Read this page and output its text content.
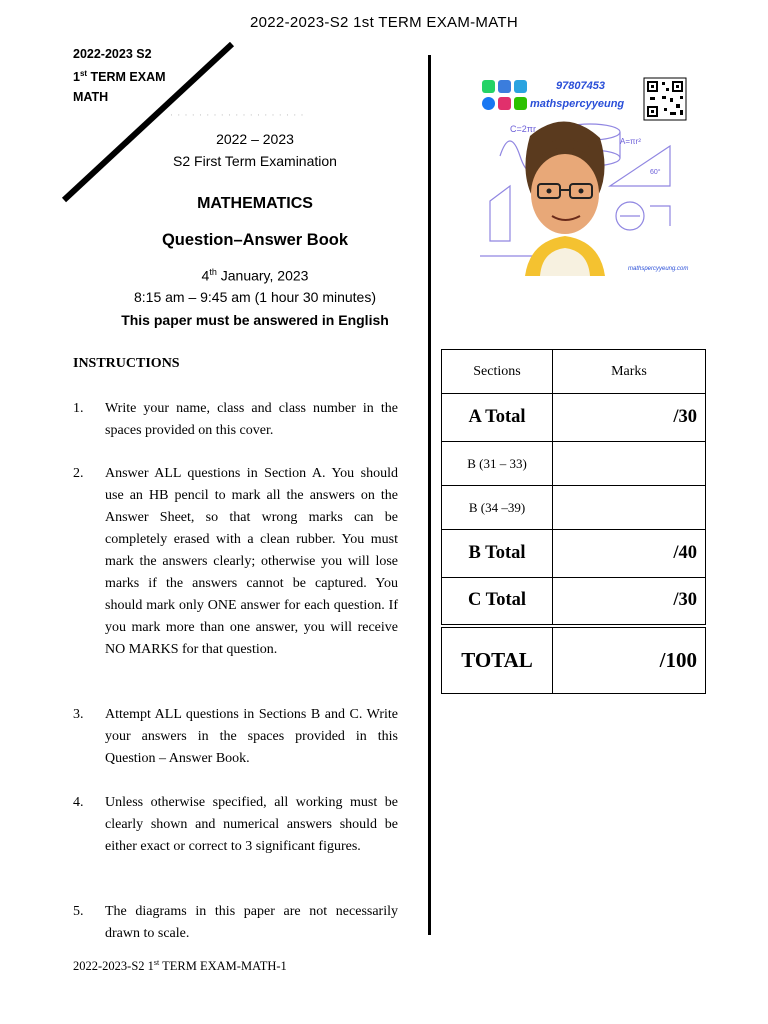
2022-2023-S2 1st TERM EXAM-MATH
2022-2023 S2
1st TERM EXAM
MATH
· · · · · · · · · · · · · · · · · · ·
2022 – 2023
S2 First Term Examination
MATHEMATICS
Question–Answer Book
4th January, 2023
8:15 am – 9:45 am (1 hour 30 minutes)
This paper must be answered in English
C=2πr
A=πr²
60°
97807453
mathspercyyeung
mathspercyyeung.com
Sections	Marks
A Total	/30
B (31 – 33)	
B (34 –39)	
B Total	/40
C Total	/30
TOTAL	/100
INSTRUCTIONS
1. Write your name, class and class number in the spaces provided on this cover.
2. Answer ALL questions in Section A. You should use an HB pencil to mark all the answers on the Answer Sheet, so that wrong marks can be completely erased with a clean rubber. You must mark the answers clearly; otherwise you will lose marks if the answers cannot be captured. You should mark only ONE answer for each question. If you mark more than one answer, you will receive NO MARKS for that question.
3. Attempt ALL questions in Sections B and C. Write your answers in the spaces provided in this Question – Answer Book.
4. Unless otherwise specified, all working must be clearly shown and numerical answers should be either exact or correct to 3 significant figures.
5. The diagrams in this paper are not necessarily drawn to scale.
2022-2023-S2 1st TERM EXAM-MATH-1
